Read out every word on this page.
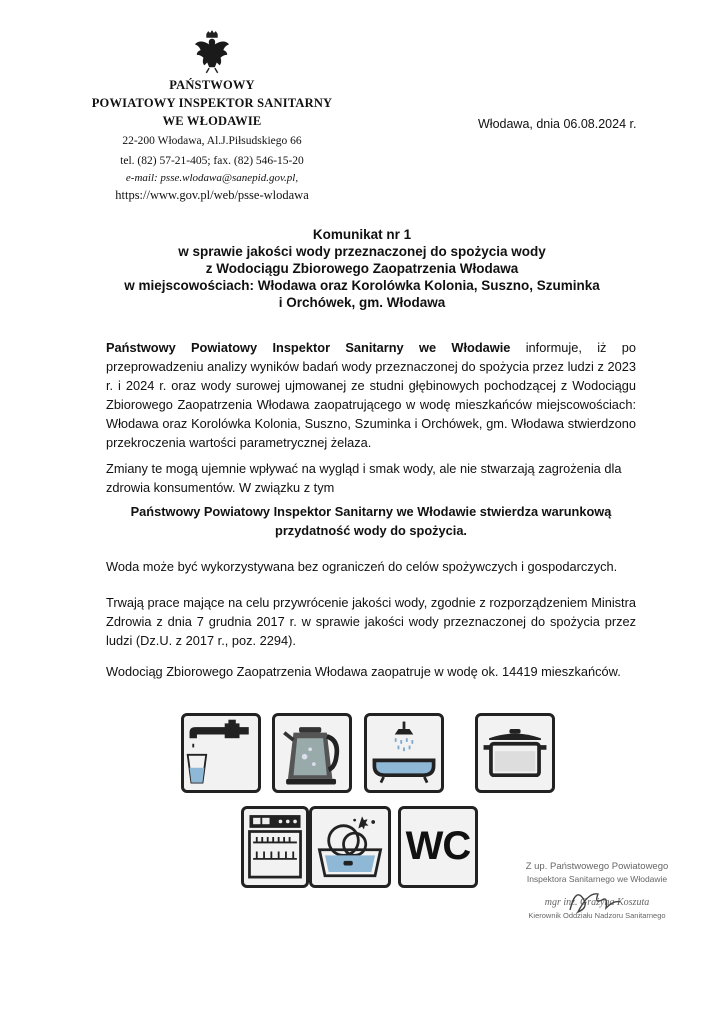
PAŃSTWOWY
POWIATOWY INSPEKTOR SANITARNY
WE WŁODAWIE
22-200 Włodawa, Al.J.Piłsudskiego 66
tel. (82) 57-21-405; fax. (82) 546-15-20
e-mail: psse.wlodawa@sanepid.gov.pl,
https://www.gov.pl/web/psse-wlodawa
Włodawa, dnia 06.08.2024 r.
Komunikat nr 1
w sprawie jakości wody przeznaczonej do spożycia wody
z Wodociągu Zbiorowego Zaopatrzenia Włodawa
w miejscowościach: Włodawa oraz Korolówka Kolonia, Suszno, Szuminka
i Orchówek, gm. Włodawa
Państwowy Powiatowy Inspektor Sanitarny we Włodawie informuje, iż po przeprowadzeniu analizy wyników badań wody przeznaczonej do spożycia przez ludzi z 2023 r. i 2024 r. oraz wody surowej ujmowanej ze studni głębinowych pochodzącej z Wodociągu Zbiorowego Zaopatrzenia Włodawa zaopatrującego w wodę mieszkańców miejscowościach: Włodawa oraz Korolówka Kolonia, Suszno, Szuminka i Orchówek, gm. Włodawa stwierdzono przekroczenia wartości parametrycznej żelaza.
Zmiany te mogą ujemnie wpływać na wygląd i smak wody, ale nie stwarzają zagrożenia dla zdrowia konsumentów. W związku z tym
Państwowy Powiatowy Inspektor Sanitarny we Włodawie stwierdza warunkową
przydatność wody do spożycia.
Woda może być wykorzystywana bez ograniczeń do celów spożywczych i gospodarczych.
Trwają prace mające na celu przywrócenie jakości wody, zgodnie z rozporządzeniem Ministra Zdrowia z dnia 7 grudnia 2017 r. w sprawie jakości wody przeznaczonej do spożycia przez ludzi (Dz.U. z 2017 r., poz. 2294).
Wodociąg Zbiorowego Zaopatrzenia Włodawa zaopatruje w wodę ok. 14419 mieszkańców.
WC	Z up. Państwowego Powiatowego
Inspektora Sanitarnego we Włodawie
mgr inż. Grażyna Koszuta
Kierownik Oddziału Nadzoru Sanitarnego
